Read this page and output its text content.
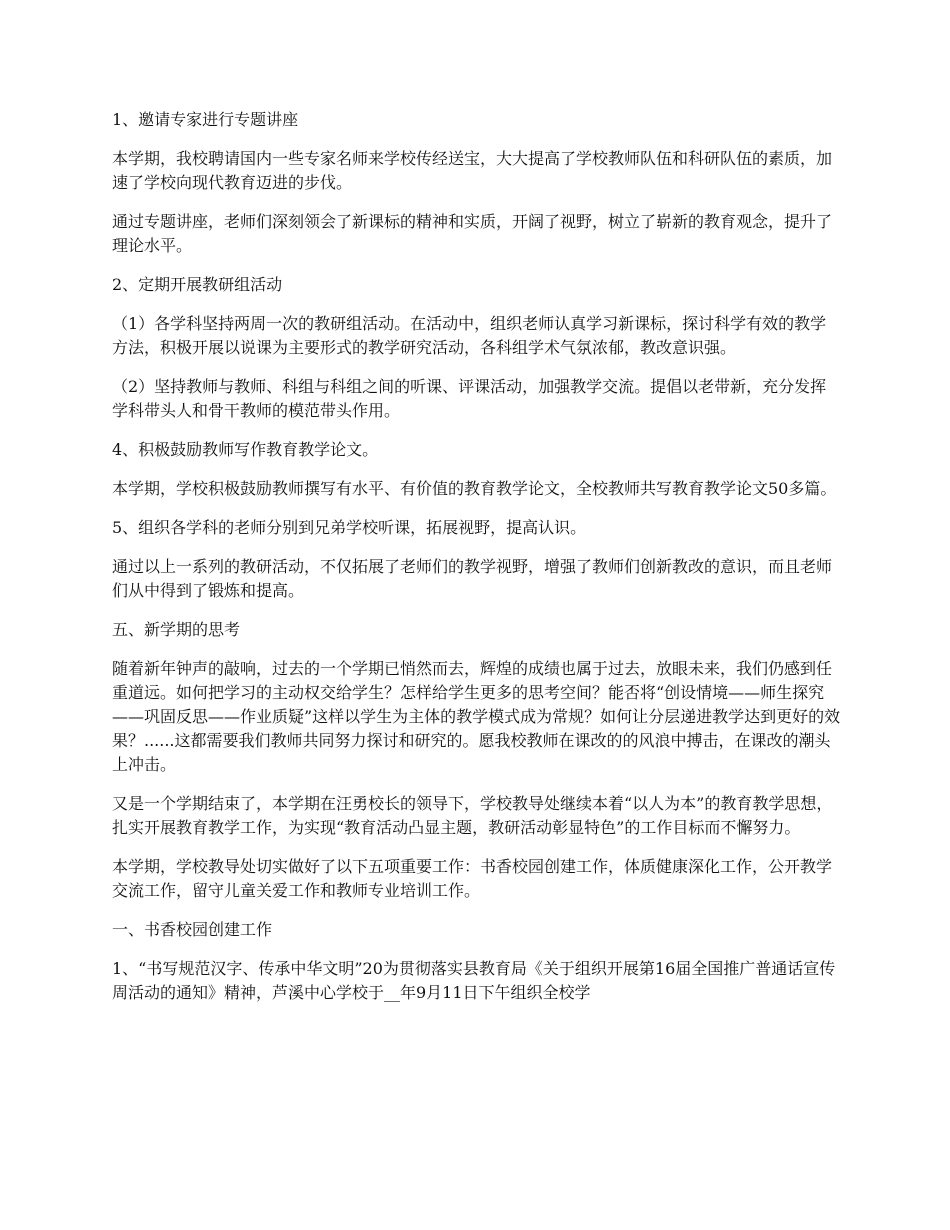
1、邀请专家进行专题讲座

本学期，我校聘请国内一些专家名师来学校传经送宝，大大提高了学校教师队伍和科研队伍的素质，加速了学校向现代教育迈进的步伐。

通过专题讲座，老师们深刻领会了新课标的精神和实质，开阔了视野，树立了崭新的教育观念，提升了理论水平。

2、定期开展教研组活动

（1）各学科坚持两周一次的教研组活动。在活动中，组织老师认真学习新课标，探讨科学有效的教学方法，积极开展以说课为主要形式的教学研究活动，各科组学术气氛浓郁，教改意识强。

（2）坚持教师与教师、科组与科组之间的听课、评课活动，加强教学交流。提倡以老带新，充分发挥学科带头人和骨干教师的模范带头作用。

4、积极鼓励教师写作教育教学论文。

本学期，学校积极鼓励教师撰写有水平、有价值的教育教学论文，全校教师共写教育教学论文50多篇。

5、组织各学科的老师分别到兄弟学校听课，拓展视野，提高认识。

通过以上一系列的教研活动，不仅拓展了老师们的教学视野，增强了教师们创新教改的意识，而且老师们从中得到了锻炼和提高。

五、新学期的思考

随着新年钟声的敲响，过去的一个学期已悄然而去，辉煌的成绩也属于过去，放眼未来，我们仍感到任重道远。如何把学习的主动权交给学生？怎样给学生更多的思考空间？能否将“创设情境——师生探究——巩固反思——作业质疑”这样以学生为主体的教学模式成为常规？如何让分层递进教学达到更好的效果？......这都需要我们教师共同努力探讨和研究的。愿我校教师在课改的的风浪中搏击，在课改的潮头上冲击。

又是一个学期结束了，本学期在汪勇校长的领导下，学校教导处继续本着“以人为本”的教育教学思想，扎实开展教育教学工作，为实现“教育活动凸显主题，教研活动彰显特色”的工作目标而不懈努力。

本学期，学校教导处切实做好了以下五项重要工作：书香校园创建工作，体质健康深化工作，公开教学交流工作，留守儿童关爱工作和教师专业培训工作。

一、书香校园创建工作

1、“书写规范汉字、传承中华文明”20为贯彻落实县教育局《关于组织开展第16届全国推广普通话宣传周活动的通知》精神，芦溪中心学校于__年9月11日下午组织全校学
